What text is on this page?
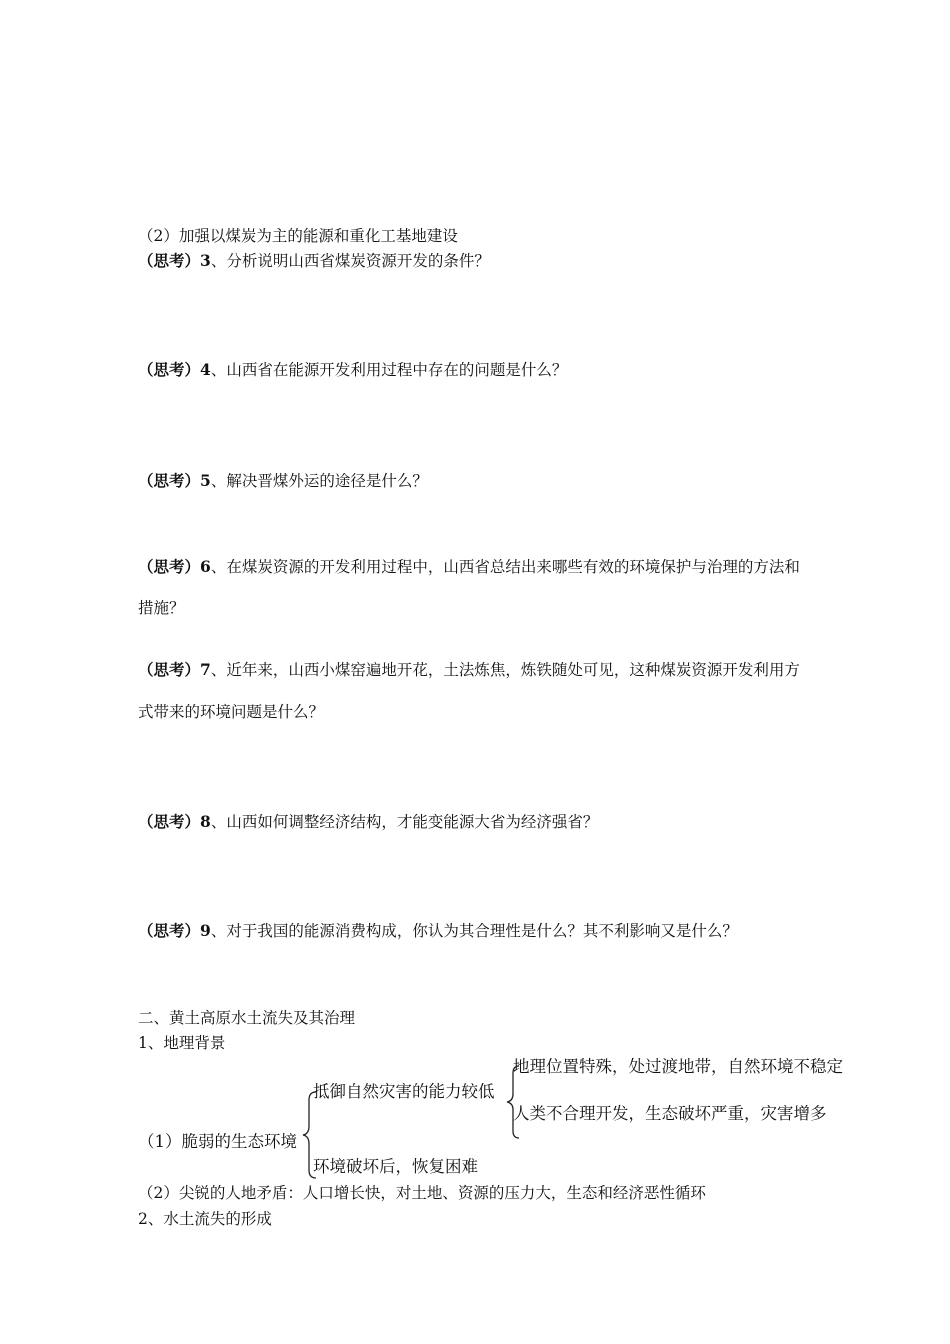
（2）加强以煤炭为主的能源和重化工基地建设
（思考）3、分析说明山西省煤炭资源开发的条件？
（思考）4、山西省在能源开发利用过程中存在的问题是什么？
（思考）5、解决晋煤外运的途径是什么？
（思考）6、在煤炭资源的开发利用过程中，山西省总结出来哪些有效的环境保护与治理的方法和
措施？
（思考）7、近年来，山西小煤窑遍地开花，土法炼焦，炼铁随处可见，这种煤炭资源开发利用方
式带来的环境问题是什么？
（思考）8、山西如何调整经济结构，才能变能源大省为经济强省？
（思考）9、对于我国的能源消费构成，你认为其合理性是什么？其不利影响又是什么？
二、黄土高原水土流失及其治理
1、地理背景
地理位置特殊，处过渡地带，自然环境不稳定
抵御自然灾害的能力较低
人类不合理开发，生态破坏严重，灾害增多
（1）脆弱的生态环境
环境破坏后，恢复困难
（2）尖锐的人地矛盾：人口增长快，对土地、资源的压力大，生态和经济恶性循环
2、水土流失的形成
